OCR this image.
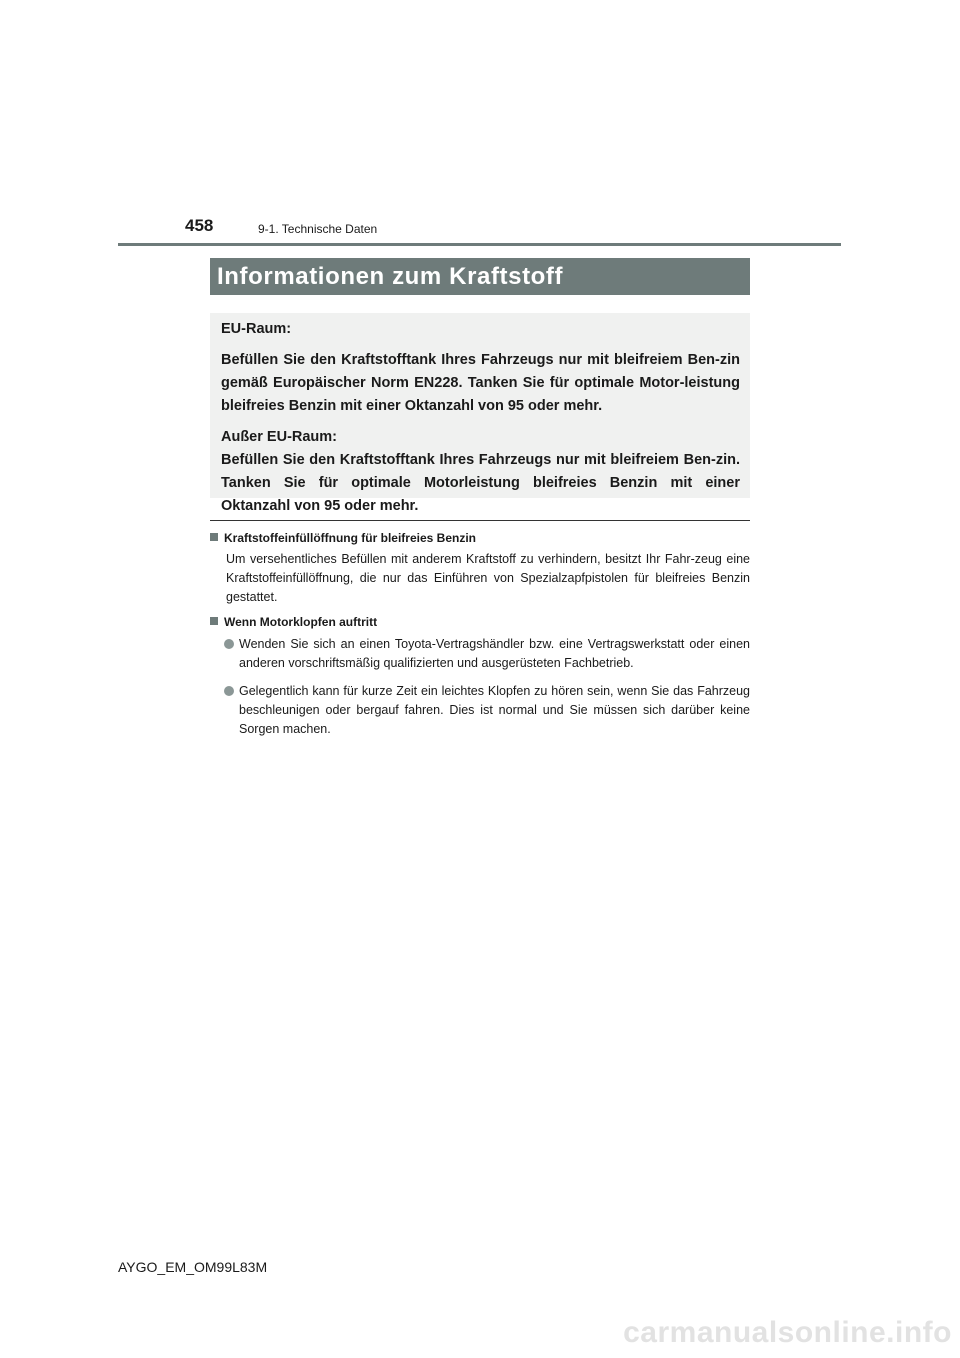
458	9-1. Technische Daten
Informationen zum Kraftstoff

EU-Raum:

Befüllen Sie den Kraftstofftank Ihres Fahrzeugs nur mit bleifreiem Ben-zin gemäß Europäischer Norm EN228. Tanken Sie für optimale Motor-leistung bleifreies Benzin mit einer Oktanzahl von 95 oder mehr.

Außer EU-Raum:

Befüllen Sie den Kraftstofftank Ihres Fahrzeugs nur mit bleifreiem Ben-zin. Tanken Sie für optimale Motorleistung bleifreies Benzin mit einer Oktanzahl von 95 oder mehr.

Kraftstoffeinfüllöffnung für bleifreies Benzin

Um versehentliches Befüllen mit anderem Kraftstoff zu verhindern, besitzt Ihr Fahr-zeug eine Kraftstoffeinfüllöffnung, die nur das Einführen von Spezialzapfpistolen für bleifreies Benzin gestattet.

Wenn Motorklopfen auftritt
Wenden Sie sich an einen Toyota-Vertragshändler bzw. eine Vertragswerkstatt oder einen anderen vorschriftsmäßig qualifizierten und ausgerüsteten Fachbetrieb.
Gelegentlich kann für kurze Zeit ein leichtes Klopfen zu hören sein, wenn Sie das Fahrzeug beschleunigen oder bergauf fahren. Dies ist normal und Sie müssen sich darüber keine Sorgen machen.
AYGO_EM_OM99L83M
carmanualsonline.info
